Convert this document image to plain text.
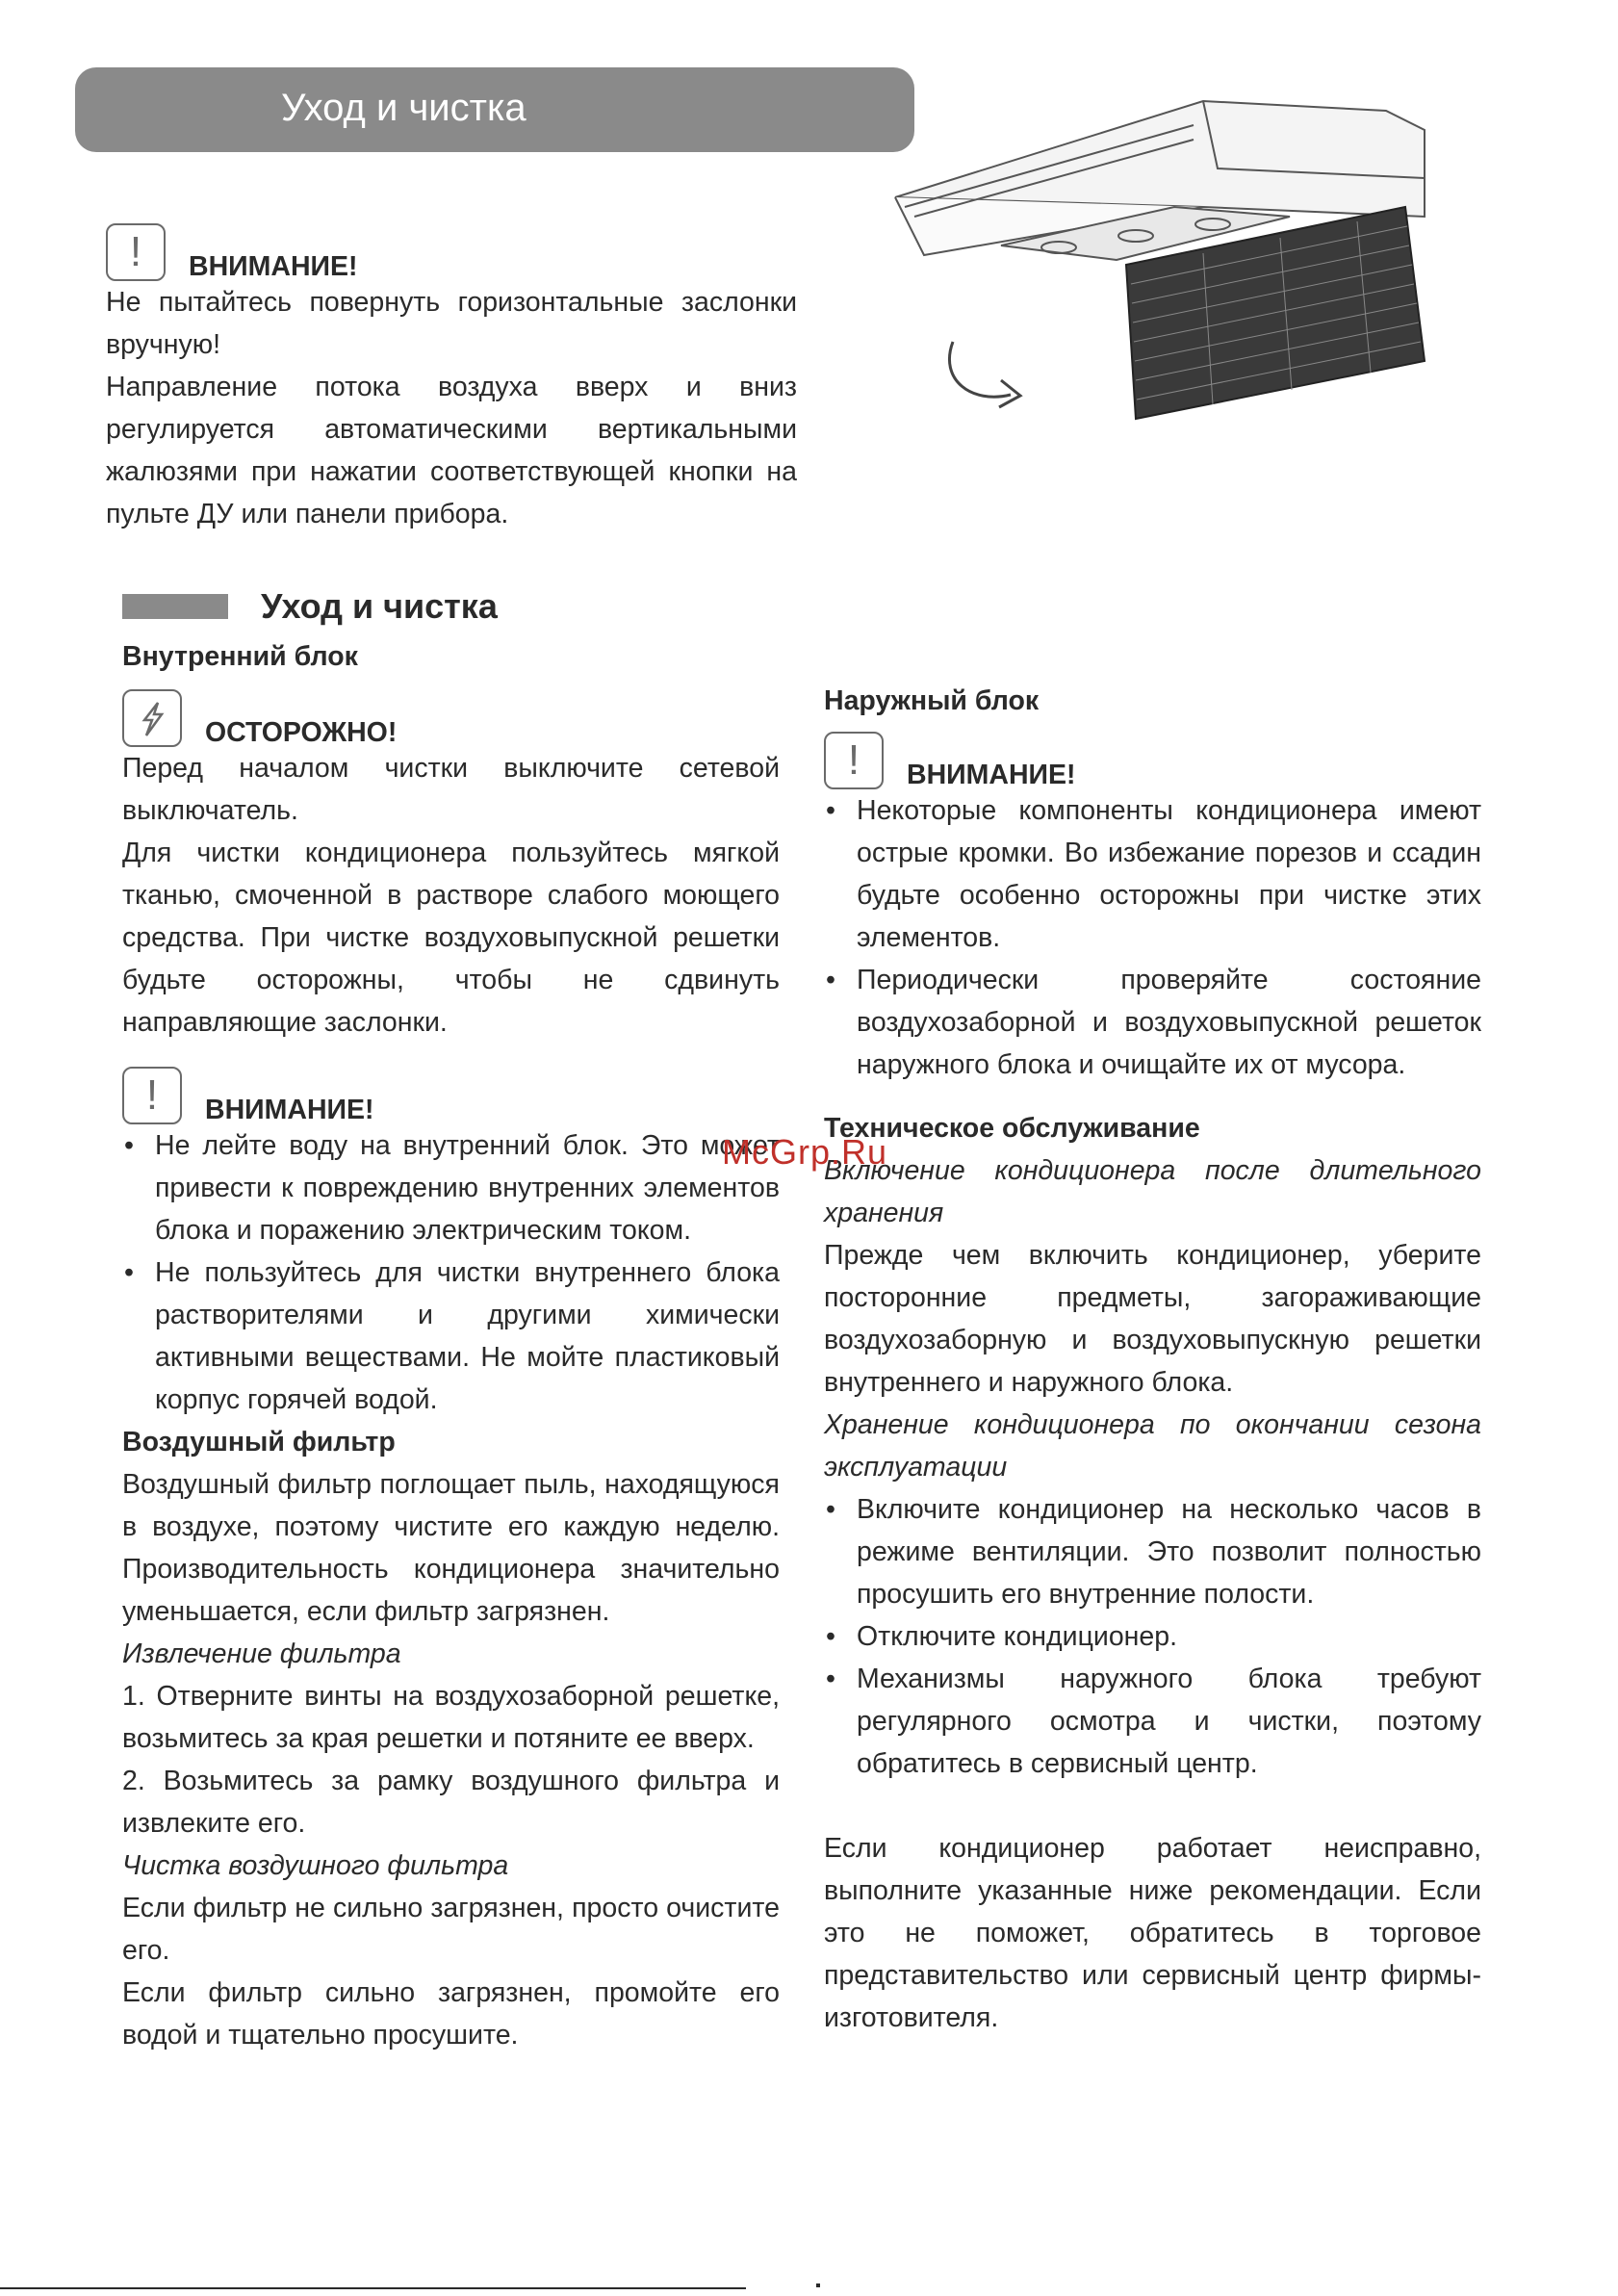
Уход и чистка
!	ВНИМАНИЕ!

Не пытайтесь повернуть горизонтальные заслонки вручную!

Направление потока воздуха вверх и вниз регулируется автоматическими вертикальными жалюзями при нажатии соответствующей кнопки на пульте ДУ или панели прибора.

Уход и чистка

Внутренний блок

ОСТОРОЖНО!

Перед началом чистки выключите сетевой выключатель.

Для чистки кондиционера пользуйтесь мягкой тканью, смоченной в растворе слабого моющего средства. При чистке воздуховыпускной решетки будьте осторожны, чтобы не сдвинуть направляющие заслонки.

!	ВНИМАНИЕ!
• Не лейте воду на внутренний блок. Это может привести к повреждению внутренних элементов блока и поражению электрическим током.
• Не пользуйтесь для чистки внутреннего блока растворителями и другими химически активными веществами. Не мойте пластиковый корпус горячей водой.

Воздушный фильтр

Воздушный фильтр поглощает пыль, находящуюся в воздухе, поэтому чистите его каждую неделю. Производительность кондиционера значительно уменьшается, если фильтр загрязнен.

Извлечение фильтра

1. Отверните винты на воздухозаборной решетке, возьмитесь за края решетки и потяните ее вверх.

2. Возьмитесь за рамку воздушного фильтра и извлеките его.

Чистка воздушного фильтра

Если фильтр не сильно загрязнен, просто очистите его.

Если фильтр сильно загрязнен, промойте его водой и тщательно просушите.

Наружный блок

!	ВНИМАНИЕ!
• Некоторые компоненты кондиционера имеют острые кромки. Во избежание порезов и ссадин будьте особенно осторожны при чистке этих элементов.
• Периодически проверяйте состояние воздухозаборной и воздуховыпускной решеток наружного блока и очищайте их от мусора.

Техническое обслуживание

Включение кондиционера после длительного хранения

Прежде чем включить кондиционер, уберите посторонние предметы, загораживающие воздухозаборную и воздуховыпускную решетки внутреннего и наружного блока.

Хранение кондиционера по окончании сезона эксплуатации

• Включите кондиционер на несколько часов в режиме вентиляции. Это позволит полностью просушить его внутренние полости.
• Отключите кондиционер.
• Механизмы наружного блока требуют регулярного осмотра и чистки, поэтому обратитесь в сервисный центр.

Если кондиционер работает неисправно, выполните указанные ниже рекомендации. Если это не поможет, обратитесь в торговое представительство или сервисный центр фирмы-изготовителя.

McGrp.Ru
